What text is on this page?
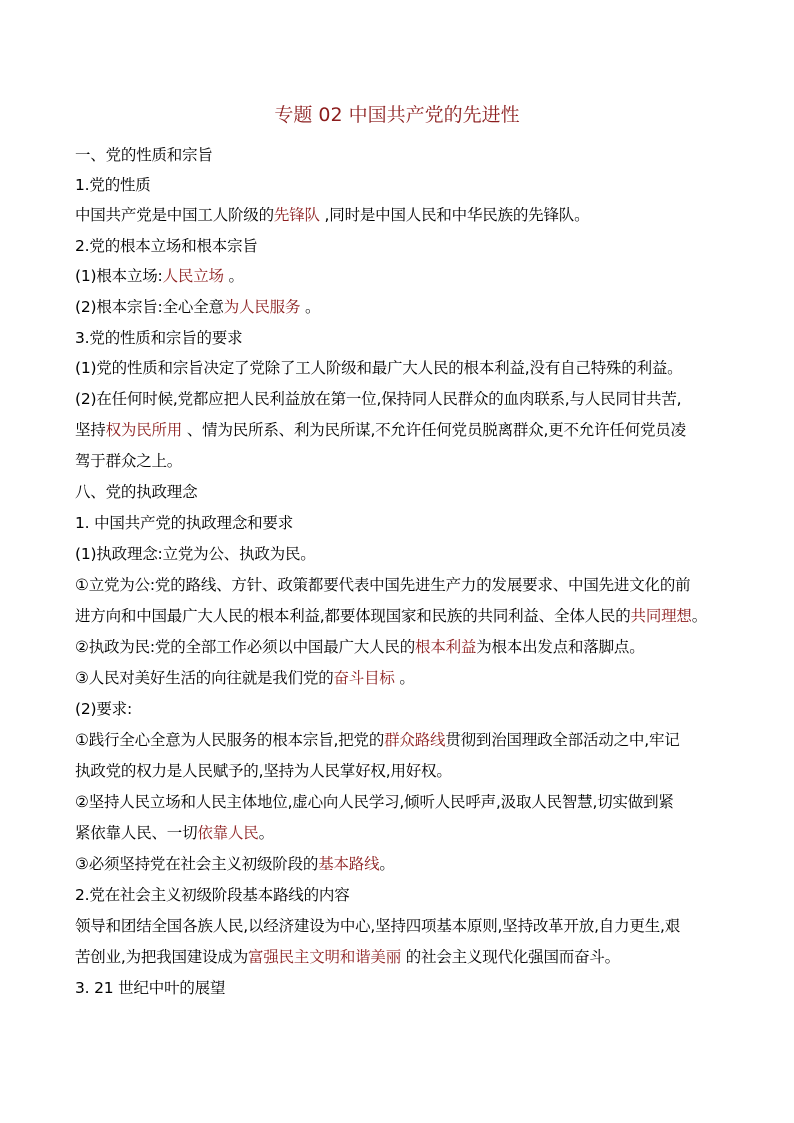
专题 02 中国共产党的先进性
一、党的性质和宗旨
1.党的性质
中国共产党是中国工人阶级的先锋队 ,同时是中国人民和中华民族的先锋队。
2.党的根本立场和根本宗旨
(1)根本立场:人民立场 。
(2)根本宗旨:全心全意为人民服务 。
3.党的性质和宗旨的要求
(1)党的性质和宗旨决定了党除了工人阶级和最广大人民的根本利益,没有自己特殊的利益。
(2)在任何时候,党都应把人民利益放在第一位,保持同人民群众的血肉联系,与人民同甘共苦,
坚持权为民所用 、情为民所系、利为民所谋,不允许任何党员脱离群众,更不允许任何党员凌
驾于群众之上。
八、党的执政理念
1. 中国共产党的执政理念和要求
(1)执政理念:立党为公、执政为民。
①立党为公:党的路线、方针、政策都要代表中国先进生产力的发展要求、中国先进文化的前
进方向和中国最广大人民的根本利益,都要体现国家和民族的共同利益、全体人民的共同理想。
②执政为民:党的全部工作必须以中国最广大人民的根本利益为根本出发点和落脚点。
③人民对美好生活的向往就是我们党的奋斗目标 。
(2)要求:
①践行全心全意为人民服务的根本宗旨,把党的群众路线贯彻到治国理政全部活动之中,牢记
执政党的权力是人民赋予的,坚持为人民掌好权,用好权。
②坚持人民立场和人民主体地位,虚心向人民学习,倾听人民呼声,汲取人民智慧,切实做到紧
紧依靠人民、一切依靠人民。
③必须坚持党在社会主义初级阶段的基本路线。
2.党在社会主义初级阶段基本路线的内容
领导和团结全国各族人民,以经济建设为中心,坚持四项基本原则,坚持改革开放,自力更生,艰
苦创业,为把我国建设成为富强民主文明和谐美丽 的社会主义现代化强国而奋斗。
3. 21 世纪中叶的展望
